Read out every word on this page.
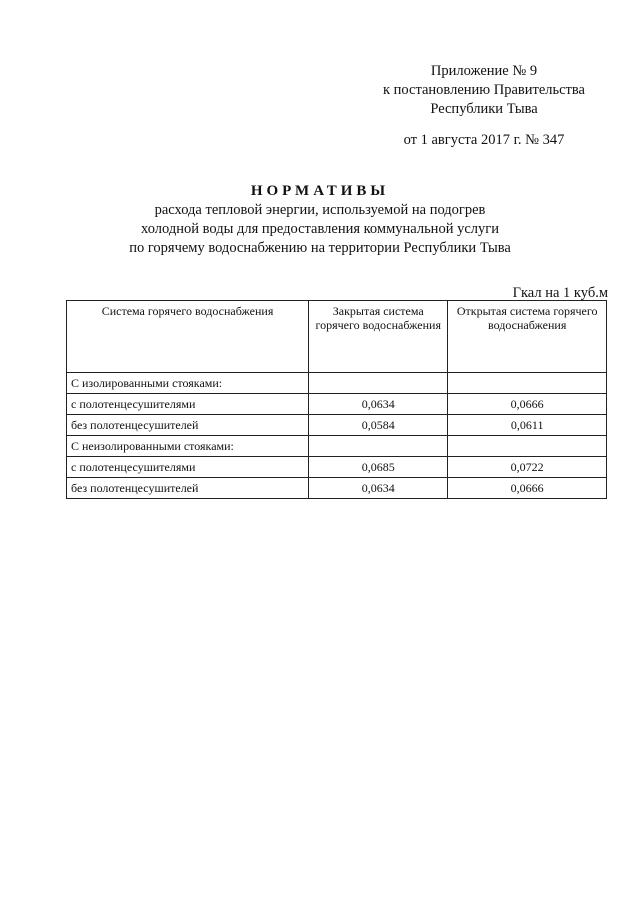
Приложение № 9
к постановлению Правительства
Республики Тыва
от 1 августа 2017 г. № 347
НОРМАТИВЫ
расхода тепловой энергии, используемой на подогрев
холодной воды для предоставления коммунальной услуги
по горячему водоснабжению на территории Республики Тыва
Гкал на 1 куб.м
Система горячего водоснабжения	Закрытая система горячего водоснабжения	Открытая система горячего водоснабжения
С изолированными стояками:		
с полотенцесушителями	0,0634	0,0666
без полотенцесушителей	0,0584	0,0611
С неизолированными стояками:		
с полотенцесушителями	0,0685	0,0722
без полотенцесушителей	0,0634	0,0666
